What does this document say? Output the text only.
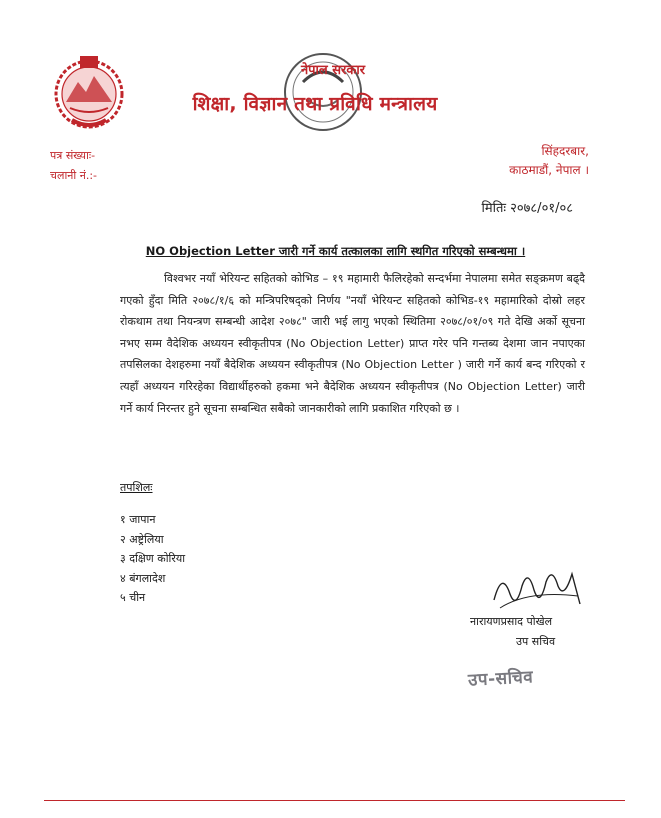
नेपाल सरकार
शिक्षा, विज्ञान तथा प्रविधि मन्त्रालय
पत्र संख्याः-
चलानी नं.:-
सिंहदरबार,
काठमाडौं, नेपाल ।
मितिः २०७८/०१/०८
NO Objection Letter जारी गर्ने कार्य तत्कालका लागि स्थगित गरिएको सम्बन्धमा ।
विश्वभर नयाँ भेरियन्ट सहितको कोभिड – १९ महामारी फैलिरहेको सन्दर्भमा नेपालमा समेत सङ्क्रमण बढ्दै गएको हुँदा मिति २०७८/१/६ को मन्त्रिपरिषद्को निर्णय "नयाँ भेरियन्ट सहितको कोभिड-१९ महामारिको दोस्रो लहर रोकथाम तथा नियन्त्रण सम्बन्धी आदेश २०७८" जारी भई लागु भएको स्थितिमा २०७८/०१/०९ गते देखि अर्को सूचना नभए सम्म वैदेशिक अध्ययन स्वीकृतीपत्र (No Objection Letter) प्राप्त गरेर पनि गन्तब्य देशमा जान नपाएका तपसिलका देशहरुमा नयाँ बैदेशिक अध्ययन स्वीकृतीपत्र (No Objection Letter ) जारी गर्ने कार्य बन्द गरिएको र त्यहाँ अध्ययन गरिरहेका विद्यार्थीहरुको हकमा भने बैदेशिक अध्ययन स्वीकृतीपत्र (No Objection Letter) जारी गर्ने कार्य निरन्तर हुने सूचना सम्बन्धित सबैको जानकारीको लागि प्रकाशित गरिएको छ ।
तपशिलः
१ जापान
२ अष्ट्रेलिया
३ दक्षिण कोरिया
४ बंगलादेश
५ चीन
नारायणप्रसाद पोखेल
उप सचिव
उप-सचिव
